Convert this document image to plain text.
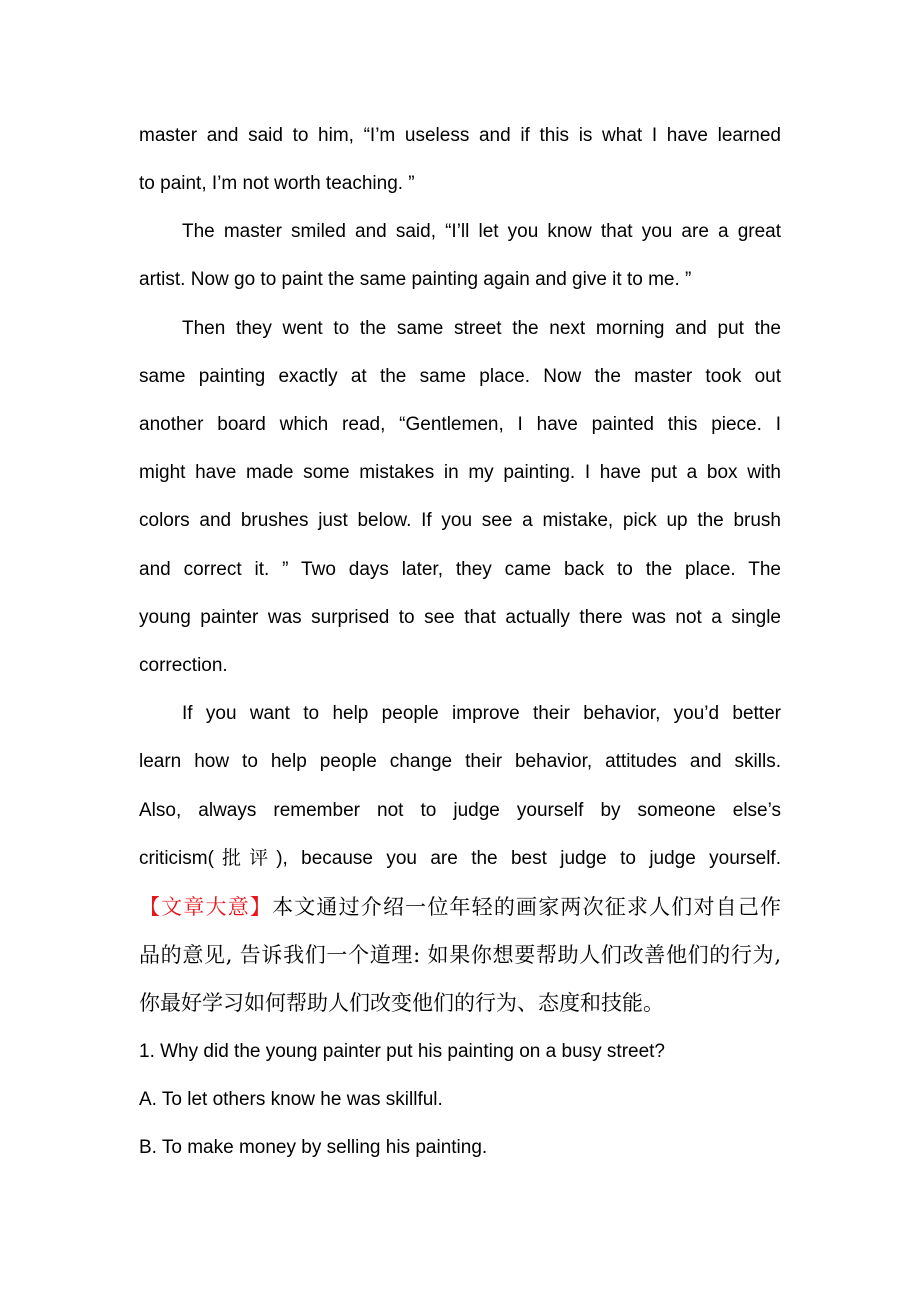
master and said to him, “I’m useless and if this is what I have learned
to paint, I’m not worth teaching. ”
The master smiled and said, “I’ll let you know that you are a great
artist. Now go to paint the same painting again and give it to me. ”
Then they went to the same street the next morning and put the
same painting exactly at the same place. Now the master took out
another board which read, “Gentlemen, I have painted this piece. I
might have made some mistakes in my painting. I have put a box with
colors and brushes just below. If you see a mistake, pick up the brush
and correct it. ” Two days later, they came back to the place. The
young painter was surprised to see that actually there was not a single
correction.
If you want to help people improve their behavior, you’d better
learn how to help people change their behavior, attitudes and skills.
Also, always remember not to judge yourself by someone else’s
criticism(批评), because you are the best judge to judge yourself.
【文章大意】本文通过介绍一位年轻的画家两次征求人们对自己作
品的意见, 告诉我们一个道理: 如果你想要帮助人们改善他们的行为,
你最好学习如何帮助人们改变他们的行为、态度和技能。
1. Why did the young painter put his painting on a busy street?
A. To let others know he was skillful.
B. To make money by selling his painting.
